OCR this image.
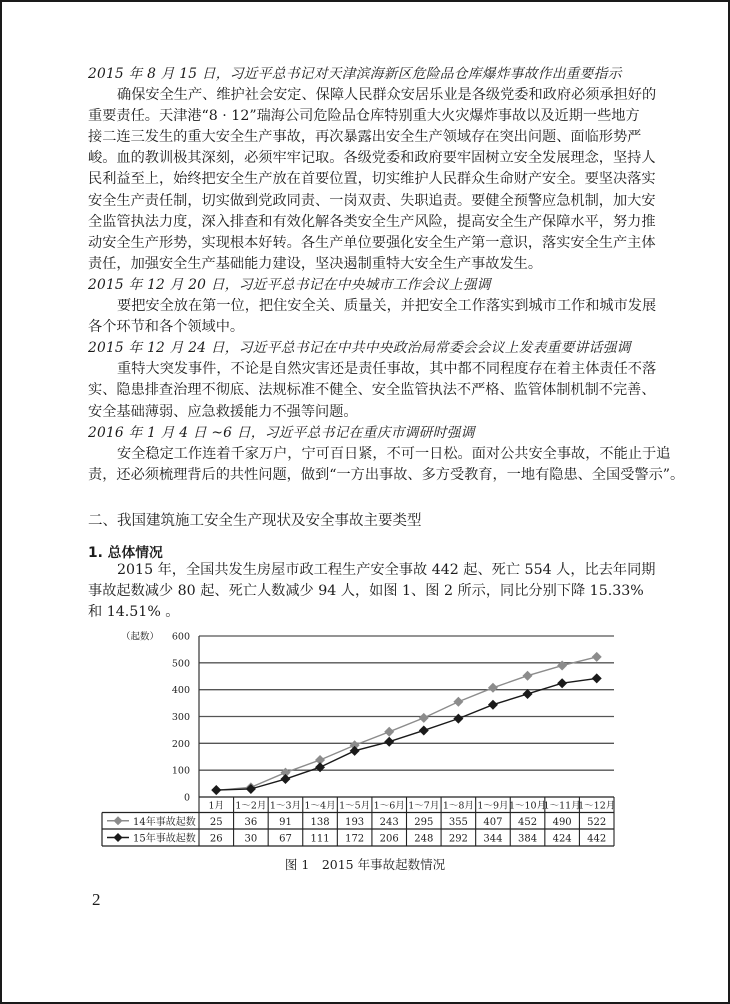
2015 年 8 月 15 日，习近平总书记对天津滨海新区危险品仓库爆炸事故作出重要指示
确保安全生产、维护社会安定、保障人民群众安居乐业是各级党委和政府必须承担好的
重要责任。天津港“8 · 12”瑞海公司危险品仓库特别重大火灾爆炸事故以及近期一些地方
接二连三发生的重大安全生产事故，再次暴露出安全生产领域存在突出问题、面临形势严
峻。血的教训极其深刻，必须牢牢记取。各级党委和政府要牢固树立安全发展理念，坚持人
民利益至上，始终把安全生产放在首要位置，切实维护人民群众生命财产安全。要坚决落实
安全生产责任制，切实做到党政同责、一岗双责、失职追责。要健全预警应急机制，加大安
全监管执法力度，深入排查和有效化解各类安全生产风险，提高安全生产保障水平，努力推
动安全生产形势，实现根本好转。各生产单位要强化安全生产第一意识，落实安全生产主体
责任，加强安全生产基础能力建设，坚决遏制重特大安全生产事故发生。
2015 年 12 月 20 日，习近平总书记在中央城市工作会议上强调
要把安全放在第一位，把住安全关、质量关，并把安全工作落实到城市工作和城市发展
各个环节和各个领域中。
2015 年 12 月 24 日，习近平总书记在中共中央政治局常委会会议上发表重要讲话强调
重特大突发事件，不论是自然灾害还是责任事故，其中都不同程度存在着主体责任不落
实、隐患排查治理不彻底、法规标准不健全、安全监管执法不严格、监管体制机制不完善、
安全基础薄弱、应急救援能力不强等问题。
2016 年 1 月 4 日 ~6 日，习近平总书记在重庆市调研时强调
安全稳定工作连着千家万户，宁可百日紧，不可一日松。面对公共安全事故，不能止于追
责，还必须梳理背后的共性问题，做到“一方出事故、多方受教育，一地有隐患、全国受警示”。
二、我国建筑施工安全生产现状及安全事故主要类型
1. 总体情况
2015 年，全国共发生房屋市政工程生产安全事故 442 起、死亡 554 人，比去年同期
事故起数减少 80 起、死亡人数减少 94 人，如图 1、图 2 所示，同比分别下降 15.33%
和 14.51% 。
0
100
200
300
400
500
600
（起数）
1月 1～2月 1～3月 1～4月 1～5月 1～6月 1～7月 1～8月 1～9月 1～10月
1～11月
1～12月
14年事故起数 25 36 91 138 193 243 295 355 407 452 490 522
15年事故起数 26 30 67 111 172 206 248 292 344 384 424 442
图 1　2015 年事故起数情况
2
